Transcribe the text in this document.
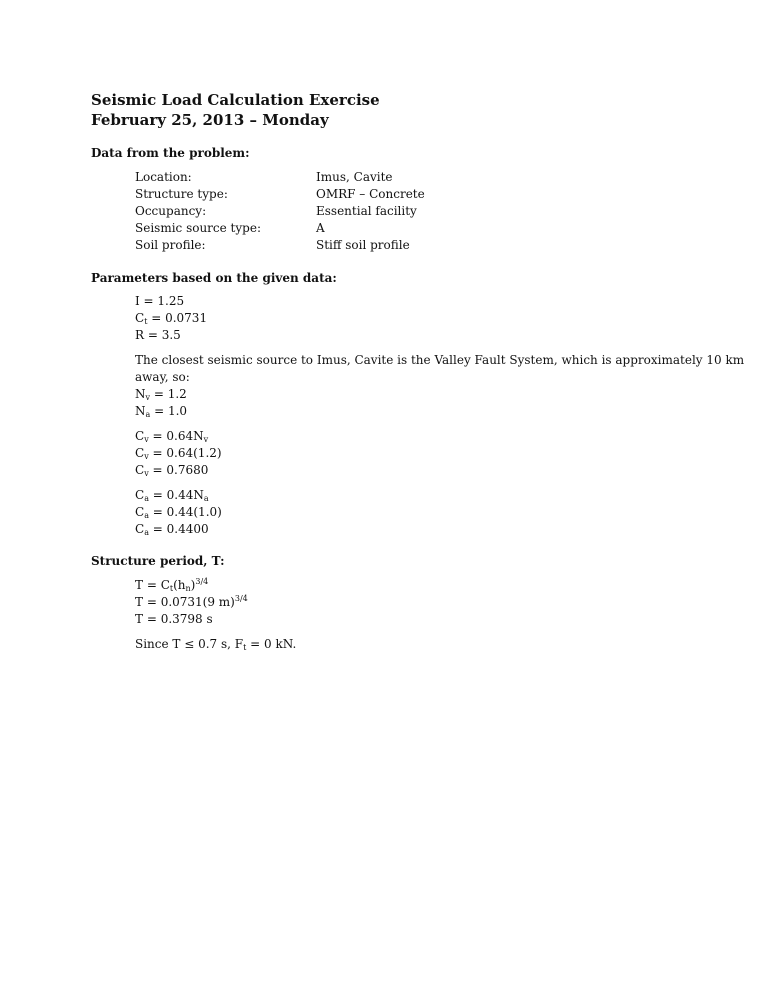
Seismic Load Calculation Exercise
February 25, 2013 – Monday
Data from the problem:
Location:	Imus, Cavite
Structure type:	OMRF – Concrete
Occupancy:	Essential facility
Seismic source type:	A
Soil profile:	Stiff soil profile
Parameters based on the given data:
I = 1.25
$C_t = 0.0731$
R = 3.5
The closest seismic source to Imus, Cavite is the Valley Fault System, which is approximately 10 km
away, so:
$N_v = 1.2$
$N_a = 1.0$
$C_v = 0.64N_v$
$C_v = 0.64(1.2)$
$C_v = 0.7680$
$C_a = 0.44N_a$
$C_a = 0.44(1.0)$
$C_a = 0.4400$
Structure period, T:
$T = C_t(h_n)^{3/4}$
T = 0.0731(9 m)$^{3/4}$
T = 0.3798 s
Since T ≤ 0.7 s, $F_t = 0$ kN.
